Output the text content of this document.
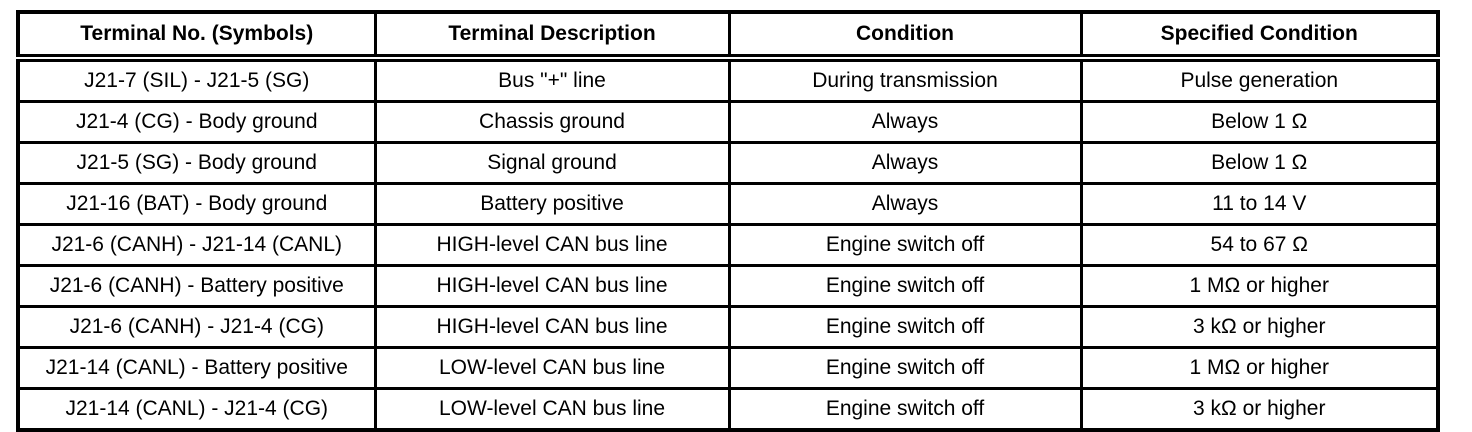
Terminal No. (Symbols)	Terminal Description	Condition	Specified Condition
J21-7 (SIL) - J21-5 (SG)	Bus "+" line	During transmission	Pulse generation
J21-4 (CG) - Body ground	Chassis ground	Always	Below 1 Ω
J21-5 (SG) - Body ground	Signal ground	Always	Below 1 Ω
J21-16 (BAT) - Body ground	Battery positive	Always	11 to 14 V
J21-6 (CANH) - J21-14 (CANL)	HIGH-level CAN bus line	Engine switch off	54 to 67 Ω
J21-6 (CANH) - Battery positive	HIGH-level CAN bus line	Engine switch off	1 MΩ or higher
J21-6 (CANH) - J21-4 (CG)	HIGH-level CAN bus line	Engine switch off	3 kΩ or higher
J21-14 (CANL) - Battery positive	LOW-level CAN bus line	Engine switch off	1 MΩ or higher
J21-14 (CANL) - J21-4 (CG)	LOW-level CAN bus line	Engine switch off	3 kΩ or higher
